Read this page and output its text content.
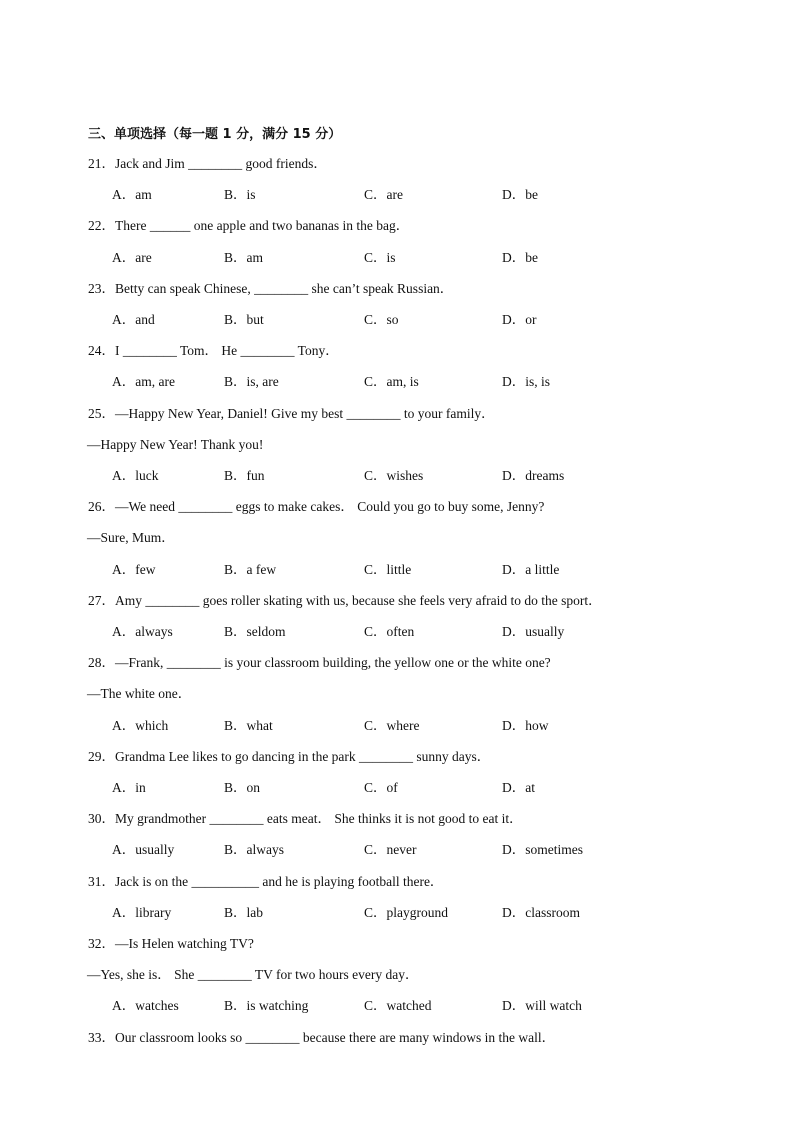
三、单项选择（每一题 1 分，满分 15 分）
21．Jack and Jim ________ good friends．
A．am	B．is	C．are	D．be
22．There ______ one apple and two bananas in the bag．
A．are	B．am	C．is	D．be
23．Betty can speak Chinese, ________ she can’t speak Russian．
A．and	B．but	C．so	D．or
24．I ________ Tom． He ________ Tony．
A．am, are	B．is, are	C．am, is	D．is, is
25．—Happy New Year, Daniel! Give my best ________ to your family．
—Happy New Year! Thank you!
A．luck	B．fun	C．wishes	D．dreams
26．—We need ________ eggs to make cakes． Could you go to buy some, Jenny?
—Sure, Mum．
A．few	B．a few	C．little	D．a little
27．Amy ________ goes roller skating with us, because she feels very afraid to do the sport．
A．always	B．seldom	C．often	D．usually
28．—Frank, ________ is your classroom building, the yellow one or the white one?
—The white one．
A．which	B．what	C．where	D．how
29．Grandma Lee likes to go dancing in the park ________ sunny days．
A．in	B．on	C．of	D．at
30．My grandmother ________ eats meat． She thinks it is not good to eat it．
A．usually	B．always	C．never	D．sometimes
31．Jack is on the __________ and he is playing football there．
A．library	B．lab	C．playground	D．classroom
32．—Is Helen watching TV?
—Yes, she is． She ________ TV for two hours every day．
A．watches	B．is watching	C．watched	D．will watch
33．Our classroom looks so ________ because there are many windows in the wall．
